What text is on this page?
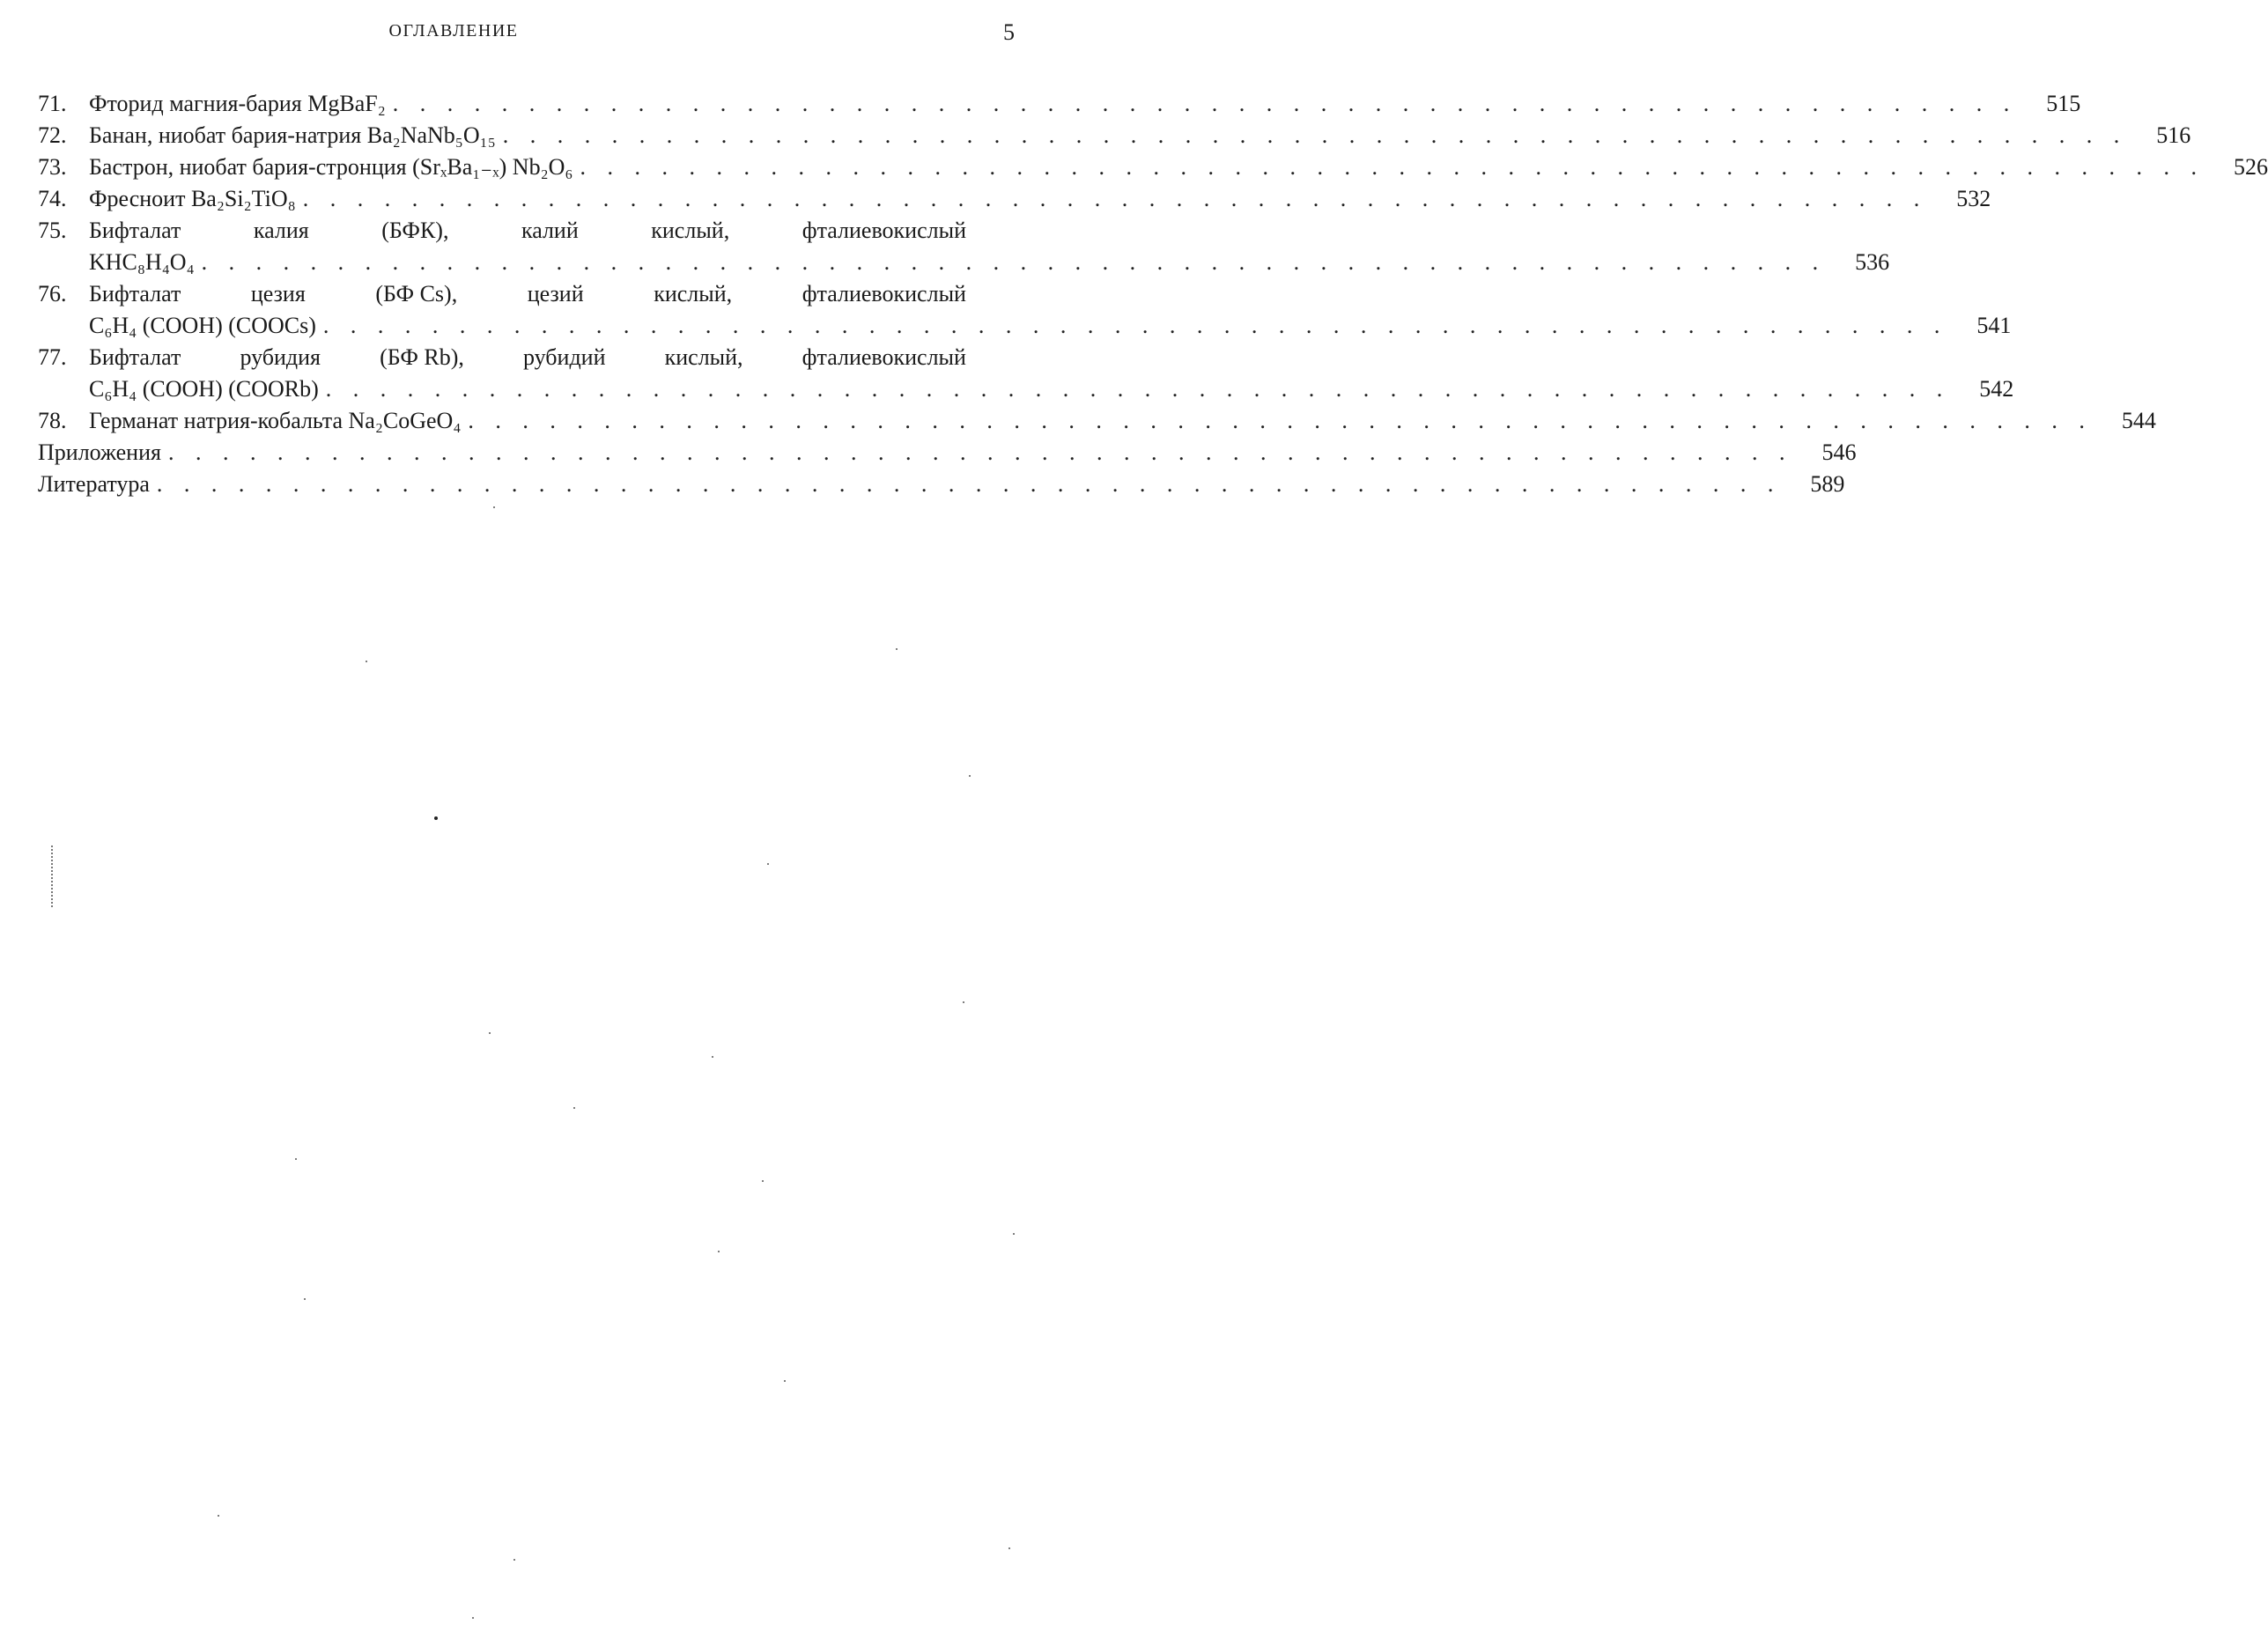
ОГЛАВЛЕНИЕ	5
71. Фторид магния-бария MgBaF₂ . . . . . . . . . . . . . . . . . . . . . . . . . . . . . . . . . . . . . . . . . . . . . . . . . . . . . . . . . . . .	515
72. Банан, ниобат бария-натрия Ba₂NaNb₅O₁₅ . . . . . . . . . . . . . . . . . . . . . . . . . . . . . . . . . . . . . . . . . . . . . . . . . . . . . . . . . . . .	516
73. Бастрон, ниобат бария-стронция (SrₓBa₁₋ₓ) Nb₂O₆ . . . . . . . . . . . . . . . . . . . . . . . . . . . . . . . . . . . . . . . . . . . . . . . . . . . . . . . . . . . .	526
74. Фресноит Ba₂Si₂TiO₈ . . . . . . . . . . . . . . . . . . . . . . . . . . . . . . . . . . . . . . . . . . . . . . . . . . . . . . . . . . . .	532
75. Бифталат	калия	(БФК),	калий	кислый,	фталиевокислый
KHC₈H₄O₄ . . . . . . . . . . . . . . . . . . . . . . . . . . . . . . . . . . . . . . . . . . . . . . . . . . . . . . . . . . . .	536
76. Бифталат	цезия	(БФ Cs),	цезий	кислый,	фталиевокислый
C₆H₄ (COOH) (COOCs) . . . . . . . . . . . . . . . . . . . . . . . . . . . . . . . . . . . . . . . . . . . . . . . . . . . . . . . . . . . .	541
77. Бифталат	рубидия	(БФ Rb),	рубидий	кислый,	фталиевокислый
C₆H₄ (COOH) (COORb) . . . . . . . . . . . . . . . . . . . . . . . . . . . . . . . . . . . . . . . . . . . . . . . . . . . . . . . . . . . .	542
78. Германат натрия-кобальта Na₂CoGeO₄ . . . . . . . . . . . . . . . . . . . . . . . . . . . . . . . . . . . . . . . . . . . . . . . . . . . . . . . . . . . .	544
Приложения . . . . . . . . . . . . . . . . . . . . . . . . . . . . . . . . . . . . . . . . . . . . . . . . . . . . . . . . . . . .	546
Литература . . . . . . . . . . . . . . . . . . . . . . . . . . . . . . . . . . . . . . . . . . . . . . . . . . . . . . . . . . . .	589
